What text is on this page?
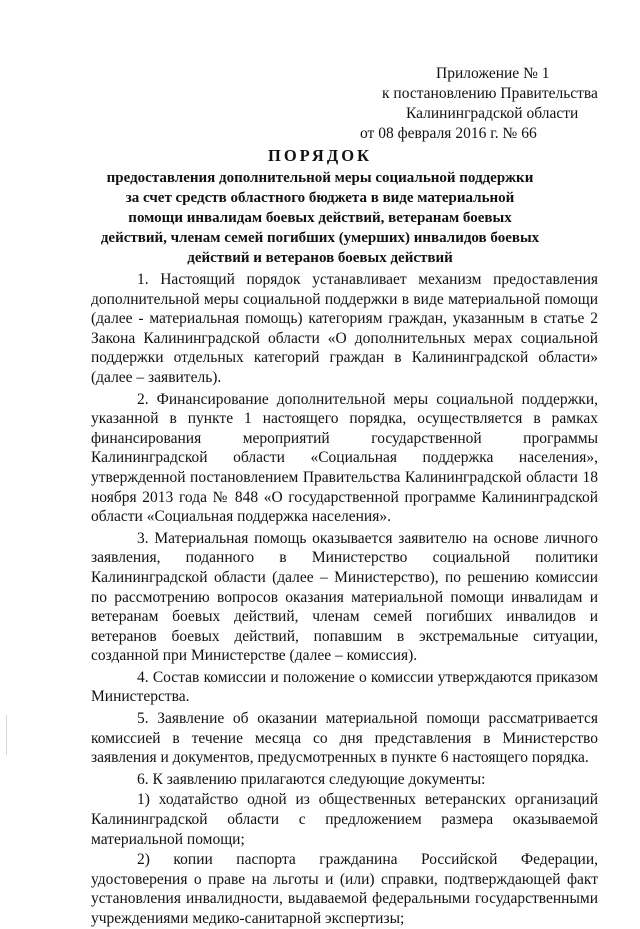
Приложение № 1
к постановлению Правительства
Калининградской области
от 08 февраля 2016 г. № 66
ПОРЯДОК
предоставления дополнительной меры социальной поддержки за счет средств областного бюджета в виде материальной помощи инвалидам боевых действий, ветеранам боевых действий, членам семей погибших (умерших) инвалидов боевых действий и ветеранов боевых действий

1. Настоящий порядок устанавливает механизм предоставления дополнительной меры социальной поддержки в виде материальной помощи (далее - материальная помощь) категориям граждан, указанным в статье 2 Закона Калининградской области «О дополнительных мерах социальной поддержки отдельных категорий граждан в Калининградской области» (далее – заявитель).

2. Финансирование дополнительной меры социальной поддержки, указанной в пункте 1 настоящего порядка, осуществляется в рамках финансирования мероприятий государственной программы Калининградской области «Социальная поддержка населения», утвержденной постановлением Правительства Калининградской области 18 ноября 2013 года № 848 «О государственной программе Калининградской области «Социальная поддержка населения».

3. Материальная помощь оказывается заявителю на основе личного заявления, поданного в Министерство социальной политики Калининградской области (далее – Министерство), по решению комиссии по рассмотрению вопросов оказания материальной помощи инвалидам и ветеранам боевых действий, членам семей погибших инвалидов и ветеранов боевых действий, попавшим в экстремальные ситуации, созданной при Министерстве (далее – комиссия).

4. Состав комиссии и положение о комиссии утверждаются приказом Министерства.

5. Заявление об оказании материальной помощи рассматривается комиссией в течение месяца со дня представления в Министерство заявления и документов, предусмотренных в пункте 6 настоящего порядка.

6. К заявлению прилагаются следующие документы:

1) ходатайство одной из общественных ветеранских организаций Калининградской области с предложением размера оказываемой материальной помощи;

2) копии паспорта гражданина Российской Федерации, удостоверения о праве на льготы и (или) справки, подтверждающей факт установления инвалидности, выдаваемой федеральными государственными учреждениями медико-санитарной экспертизы;
